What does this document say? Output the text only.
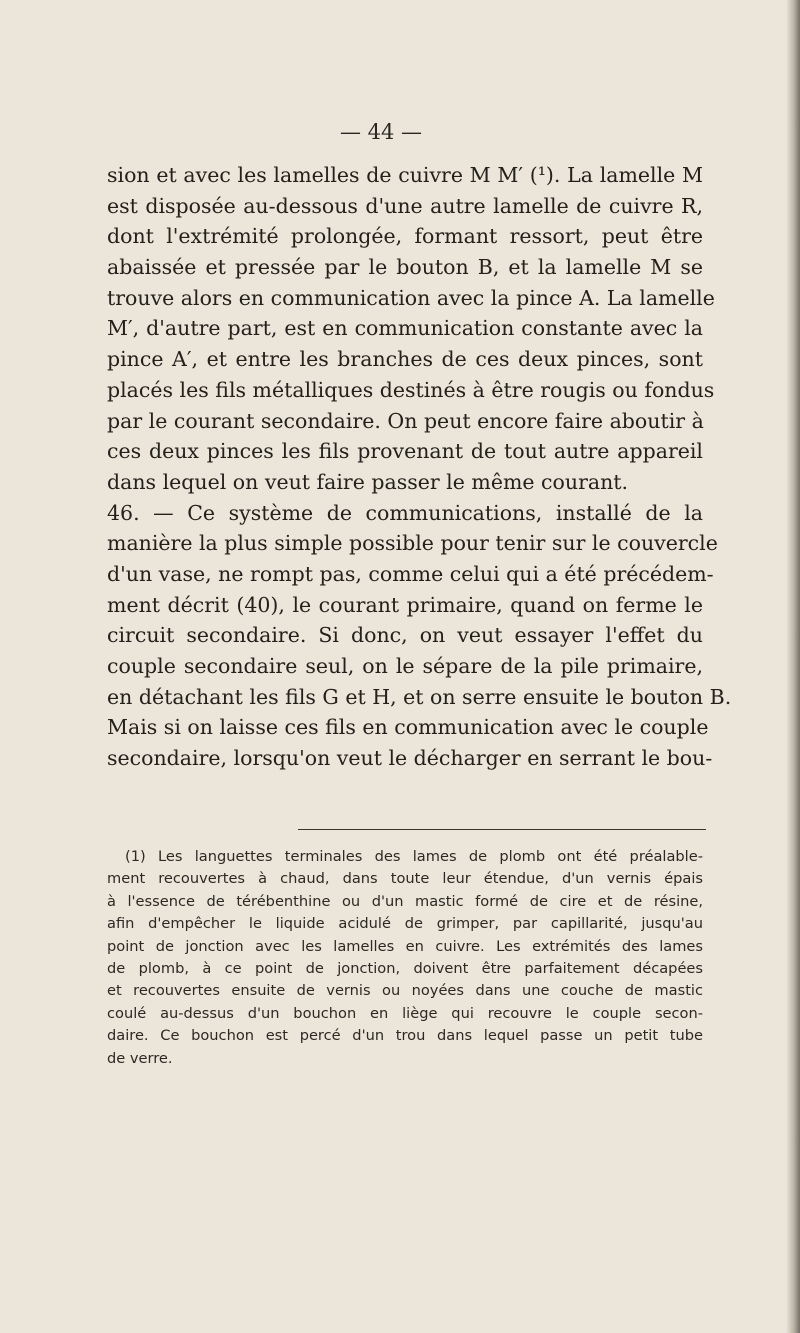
— 44 —
sion et avec les lamelles de cuivre M M′ (¹). La lamelle M
est disposée au-dessous d'une autre lamelle de cuivre R,
dont l'extrémité prolongée, formant ressort, peut être
abaissée et pressée par le bouton B, et la lamelle M se
trouve alors en communication avec la pince A. La lamelle
M′, d'autre part, est en communication constante avec la
pince A′, et entre les branches de ces deux pinces, sont
placés les fils métalliques destinés à être rougis ou fondus
par le courant secondaire. On peut encore faire aboutir à
ces deux pinces les fils provenant de tout autre appareil
dans lequel on veut faire passer le même courant.
46. — Ce système de communications, installé de la
manière la plus simple possible pour tenir sur le couvercle
d'un vase, ne rompt pas, comme celui qui a été précédem-
ment décrit (40), le courant primaire, quand on ferme le
circuit secondaire. Si donc, on veut essayer l'effet du
couple secondaire seul, on le sépare de la pile primaire,
en détachant les fils G et H, et on serre ensuite le bouton B.
Mais si on laisse ces fils en communication avec le couple
secondaire, lorsqu'on veut le décharger en serrant le bou-
(1) Les languettes terminales des lames de plomb ont été préalable-
ment recouvertes à chaud, dans toute leur étendue, d'un vernis épais
à l'essence de térébenthine ou d'un mastic formé de cire et de résine,
afin d'empêcher le liquide acidulé de grimper, par capillarité, jusqu'au
point de jonction avec les lamelles en cuivre. Les extrémités des lames
de plomb, à ce point de jonction, doivent être parfaitement décapées
et recouvertes ensuite de vernis ou noyées dans une couche de mastic
coulé au-dessus d'un bouchon en liège qui recouvre le couple secon-
daire. Ce bouchon est percé d'un trou dans lequel passe un petit tube
de verre.
